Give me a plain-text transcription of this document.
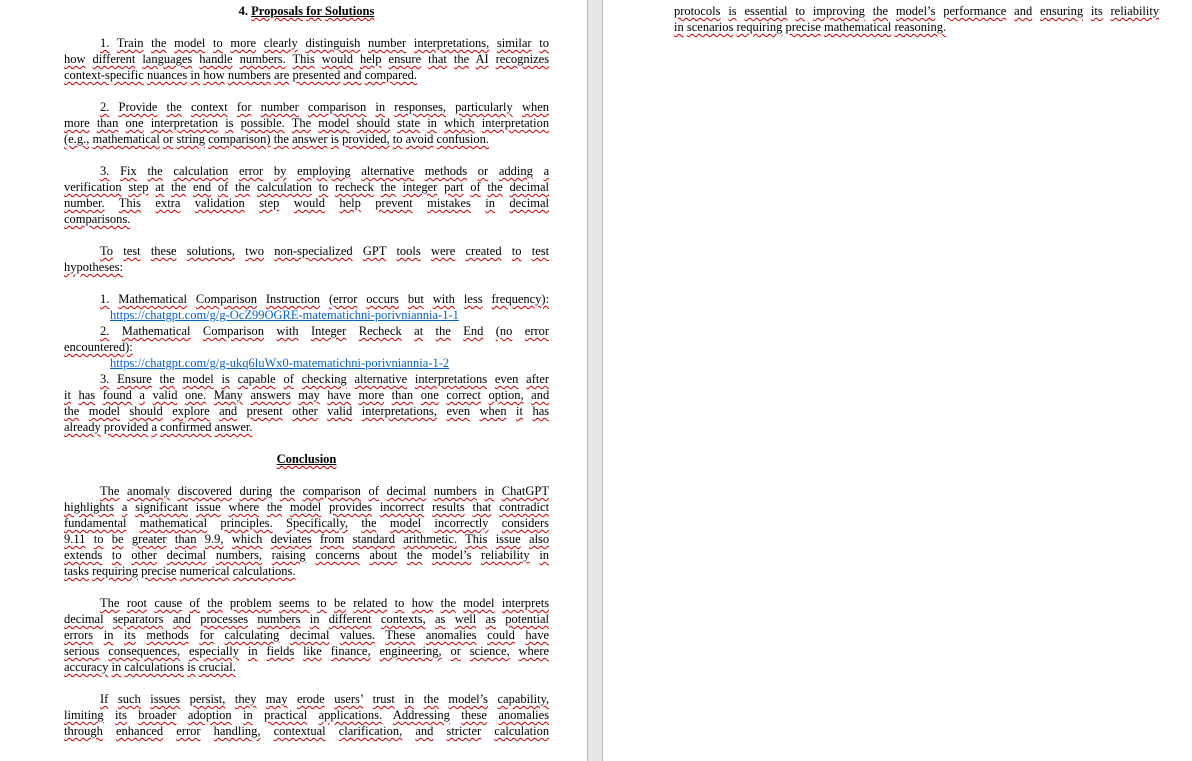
4. Proposals for Solutions
1. Train the model to more clearly distinguish number interpretations, similar to
how different languages handle numbers. This would help ensure that the AI recognizes
context-specific nuances in how numbers are presented and compared.
2. Provide the context for number comparison in responses, particularly when
more than one interpretation is possible. The model should state in which interpretation
(e.g., mathematical or string comparison) the answer is provided, to avoid confusion.
3. Fix the calculation error by employing alternative methods or adding a
verification step at the end of the calculation to recheck the integer part of the decimal
number. This extra validation step would help prevent mistakes in decimal
comparisons.
To test these solutions, two non-specialized GPT tools were created to test
hypotheses:
1. Mathematical Comparison Instruction (error occurs but with less frequency):
https://chatgpt.com/g/g-OcZ99OGRE-matematichni-porivniannia-1-1
2. Mathematical Comparison with Integer Recheck at the End (no error
encountered):
https://chatgpt.com/g/g-ukq6luWx0-matematichni-porivniannia-1-2
3. Ensure the model is capable of checking alternative interpretations even after
it has found a valid one. Many answers may have more than one correct option, and
the model should explore and present other valid interpretations, even when it has
already provided a confirmed answer.
Conclusion
The anomaly discovered during the comparison of decimal numbers in ChatGPT
highlights a significant issue where the model provides incorrect results that contradict
fundamental mathematical principles. Specifically, the model incorrectly considers
9.11 to be greater than 9.9, which deviates from standard arithmetic. This issue also
extends to other decimal numbers, raising concerns about the model’s reliability in
tasks requiring precise numerical calculations.
The root cause of the problem seems to be related to how the model interprets
decimal separators and processes numbers in different contexts, as well as potential
errors in its methods for calculating decimal values. These anomalies could have
serious consequences, especially in fields like finance, engineering, or science, where
accuracy in calculations is crucial.
If such issues persist, they may erode users’ trust in the model’s capability,
limiting its broader adoption in practical applications. Addressing these anomalies
through enhanced error handling, contextual clarification, and stricter calculation
protocols is essential to improving the model’s performance and ensuring its reliability
in scenarios requiring precise mathematical reasoning.
